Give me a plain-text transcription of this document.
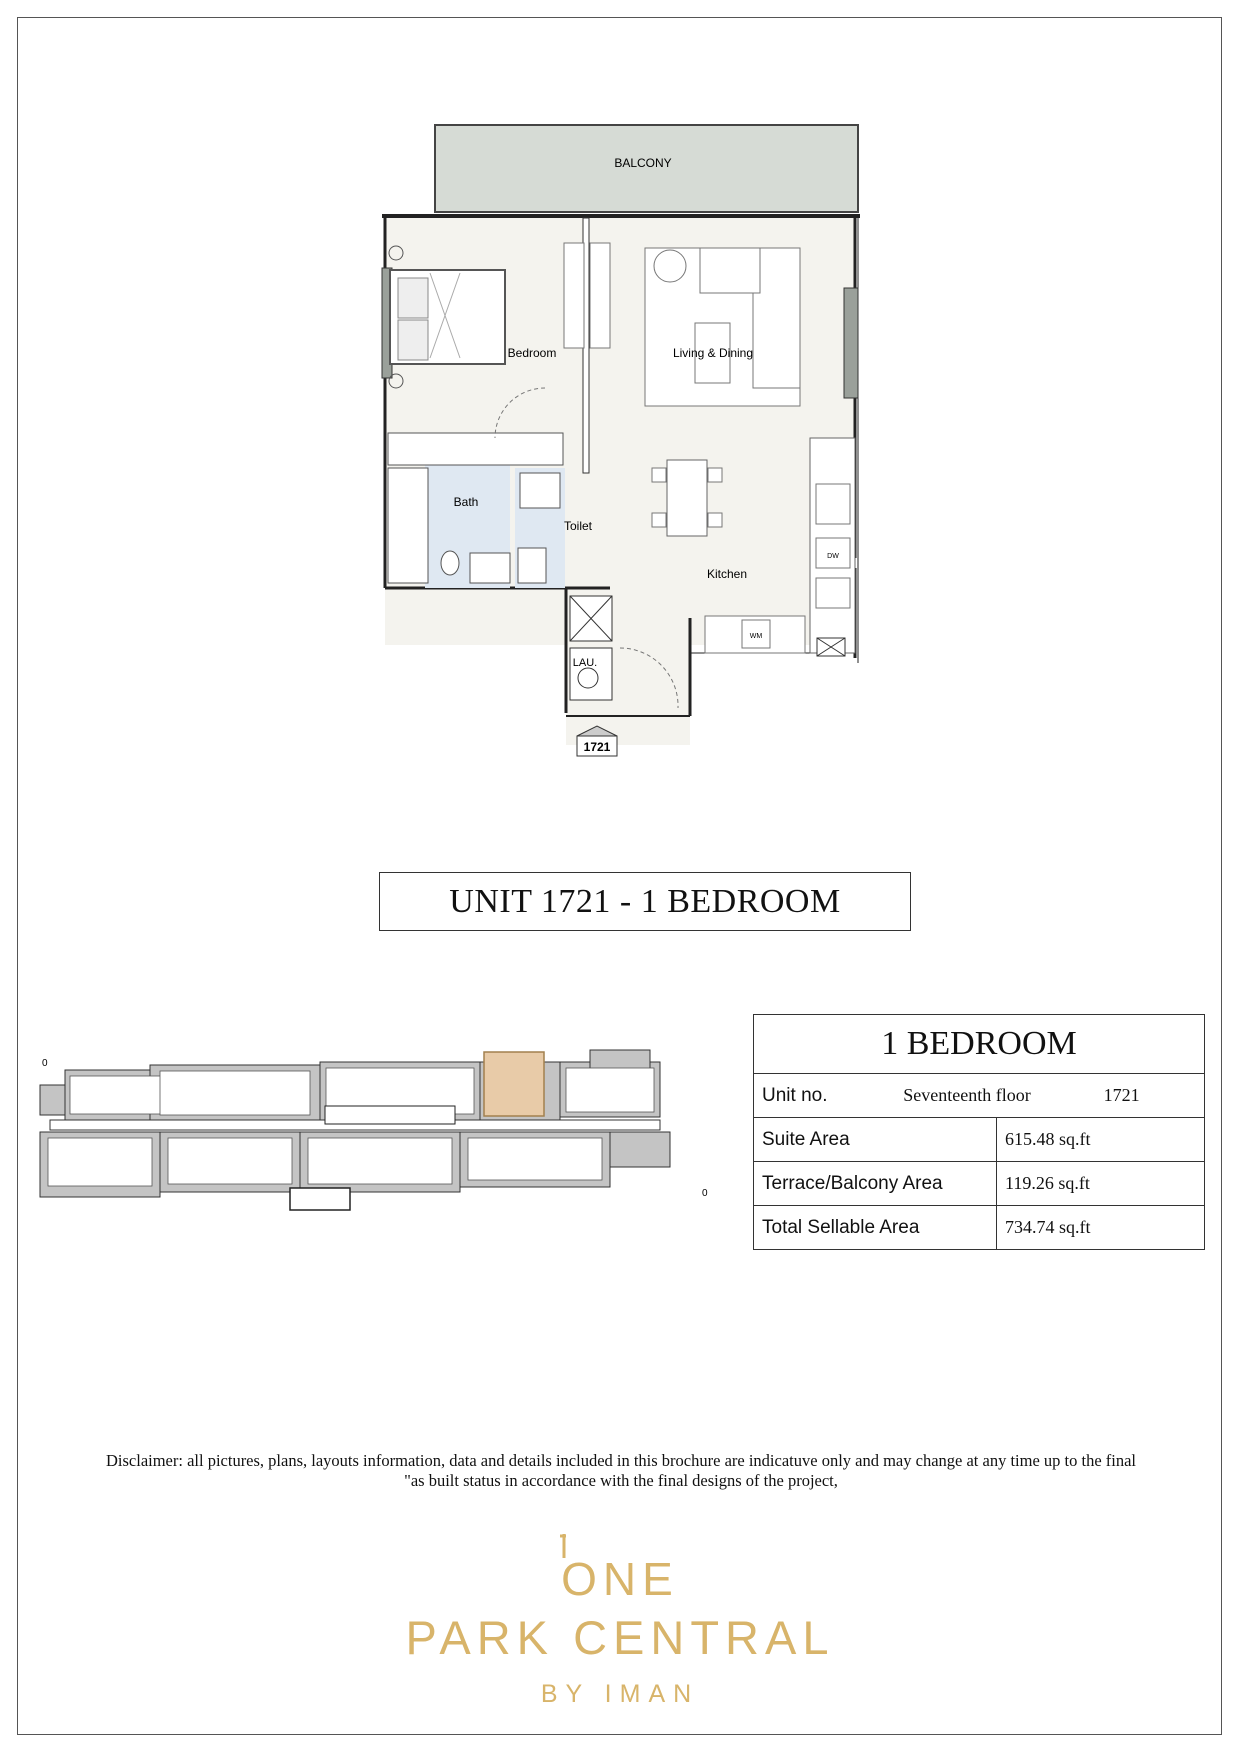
BALCONY
Bedroom	Living & Dining
Bath
Toilet
Kitchen
LAU.
DW
WM
1721
UNIT 1721 - 1 BEDROOM
0
0
1 BEDROOM	
Unit no. Seventeenth floor 1721	
Suite Area	615.48 sq.ft
Terrace/Balcony Area	119.26 sq.ft
Total Sellable Area	734.74 sq.ft
Disclaimer: all pictures, plans, layouts information, data and details included in this brochure are indicatuve only and may change at any time up to the final
"as built status in accordance with the final designs of the project,
ONE
PARK CENTRAL
BY IMAN
